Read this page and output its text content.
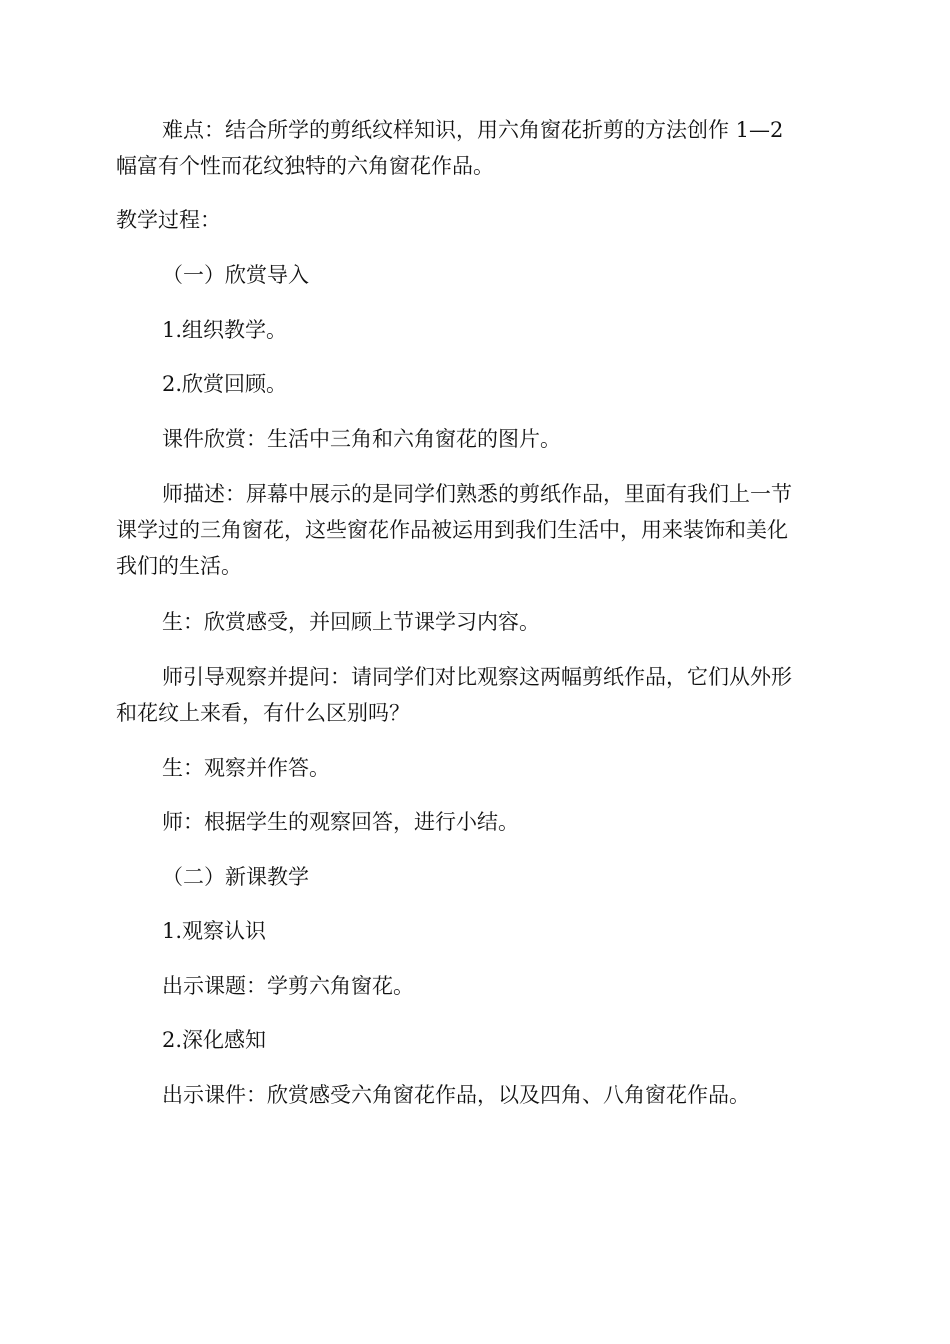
难点：结合所学的剪纸纹样知识，用六角窗花折剪的方法创作 1—2
幅富有个性而花纹独特的六角窗花作品。

教学过程：

（一）欣赏导入

1.组织教学。

2.欣赏回顾。

课件欣赏：生活中三角和六角窗花的图片。

师描述：屏幕中展示的是同学们熟悉的剪纸作品，里面有我们上一节
课学过的三角窗花，这些窗花作品被运用到我们生活中，用来装饰和美化
我们的生活。

生：欣赏感受，并回顾上节课学习内容。

师引导观察并提问：请同学们对比观察这两幅剪纸作品，它们从外形
和花纹上来看，有什么区别吗？

生：观察并作答。

师：根据学生的观察回答，进行小结。

（二）新课教学

1.观察认识

出示课题：学剪六角窗花。

2.深化感知

出示课件：欣赏感受六角窗花作品，以及四角、八角窗花作品。
